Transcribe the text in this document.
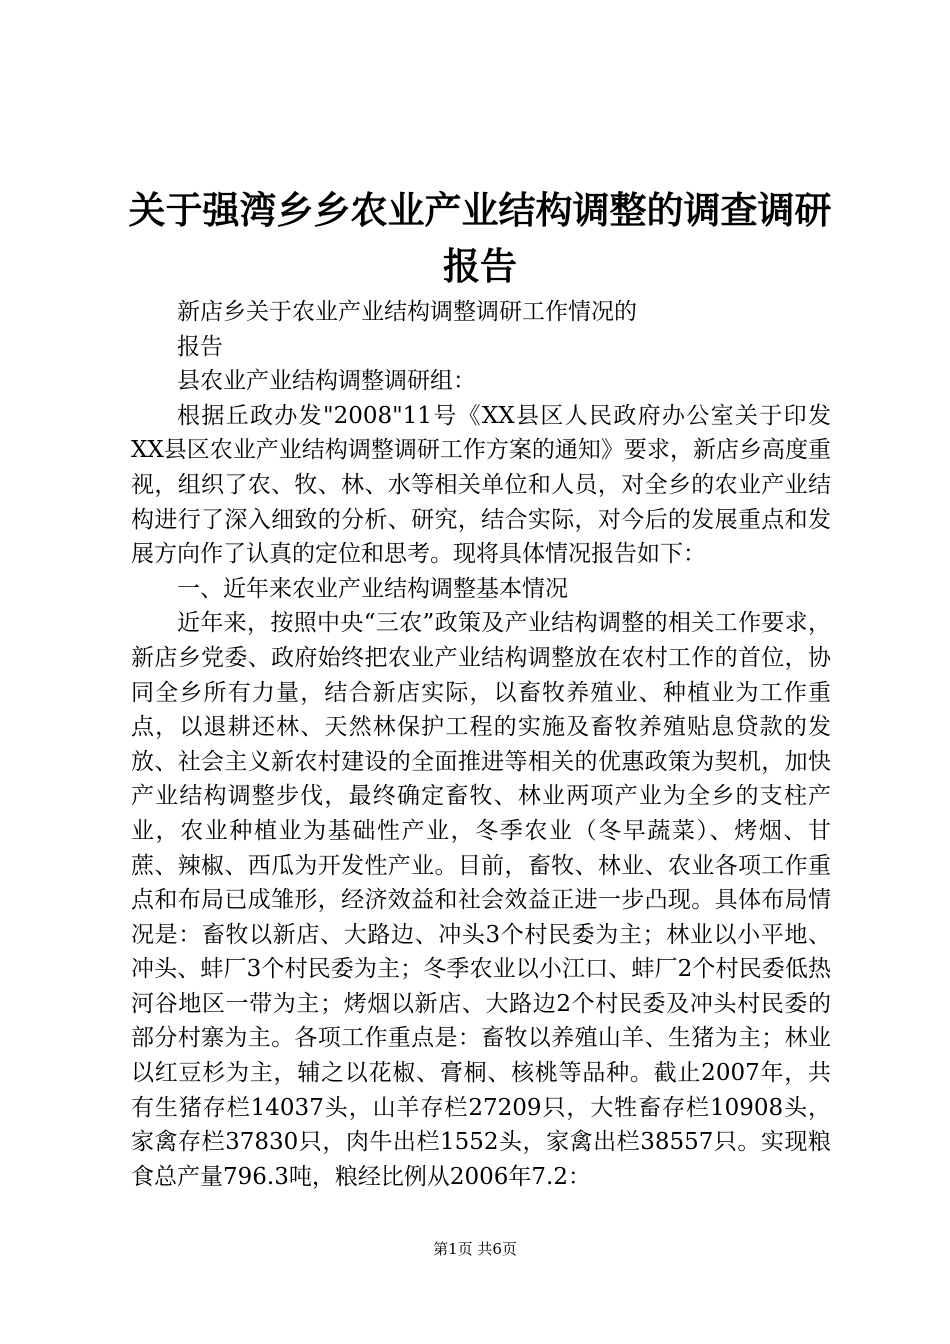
关于强湾乡乡农业产业结构调整的调查调研报告

新店乡关于农业产业结构调整调研工作情况的

报告

县农业产业结构调整调研组：

根据丘政办发"2008"11号《XX县区人民政府办公室关于印发XX县区农业产业结构调整调研工作方案的通知》要求，新店乡高度重视，组织了农、牧、林、水等相关单位和人员，对全乡的农业产业结构进行了深入细致的分析、研究，结合实际，对今后的发展重点和发展方向作了认真的定位和思考。现将具体情况报告如下：

一、近年来农业产业结构调整基本情况

近年来，按照中央“三农”政策及产业结构调整的相关工作要求，新店乡党委、政府始终把农业产业结构调整放在农村工作的首位，协同全乡所有力量，结合新店实际，以畜牧养殖业、种植业为工作重点，以退耕还林、天然林保护工程的实施及畜牧养殖贴息贷款的发放、社会主义新农村建设的全面推进等相关的优惠政策为契机，加快产业结构调整步伐，最终确定畜牧、林业两项产业为全乡的支柱产业，农业种植业为基础性产业，冬季农业（冬早蔬菜）、烤烟、甘蔗、辣椒、西瓜为开发性产业。目前，畜牧、林业、农业各项工作重点和布局已成雏形，经济效益和社会效益正进一步凸现。具体布局情况是：畜牧以新店、大路边、冲头3个村民委为主；林业以小平地、冲头、蚌厂3个村民委为主；冬季农业以小江口、蚌厂2个村民委低热河谷地区一带为主；烤烟以新店、大路边2个村民委及冲头村民委的部分村寨为主。各项工作重点是：畜牧以养殖山羊、生猪为主；林业以红豆杉为主，辅之以花椒、膏桐、核桃等品种。截止2007年，共有生猪存栏14037头，山羊存栏27209只，大牲畜存栏10908头，家禽存栏37830只，肉牛出栏1552头，家禽出栏38557只。实现粮食总产量796.3吨，粮经比例从2006年7.2：

第1页 共6页
